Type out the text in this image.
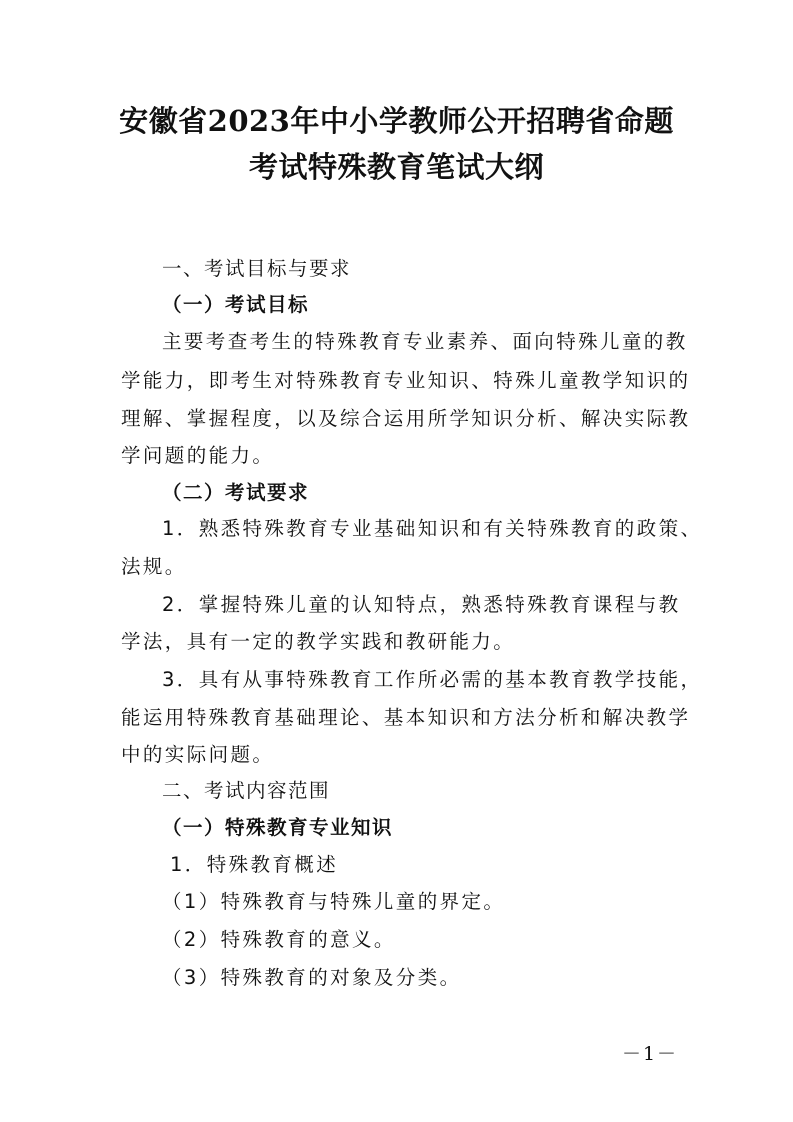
安徽省2023年中小学教师公开招聘省命题
考试特殊教育笔试大纲
一、考试目标与要求
（一）考试目标
主要考查考生的特殊教育专业素养、面向特殊儿童的教
学能力，即考生对特殊教育专业知识、特殊儿童教学知识的
理解、掌握程度，以及综合运用所学知识分析、解决实际教
学问题的能力。
（二）考试要求
1．熟悉特殊教育专业基础知识和有关特殊教育的政策、
法规。
2．掌握特殊儿童的认知特点，熟悉特殊教育课程与教
学法，具有一定的教学实践和教研能力。
3．具有从事特殊教育工作所必需的基本教育教学技能，
能运用特殊教育基础理论、基本知识和方法分析和解决教学
中的实际问题。
二、考试内容范围
（一）特殊教育专业知识
1．特殊教育概述
（1）特殊教育与特殊儿童的界定。
（2）特殊教育的意义。
（3）特殊教育的对象及分类。
－1－
